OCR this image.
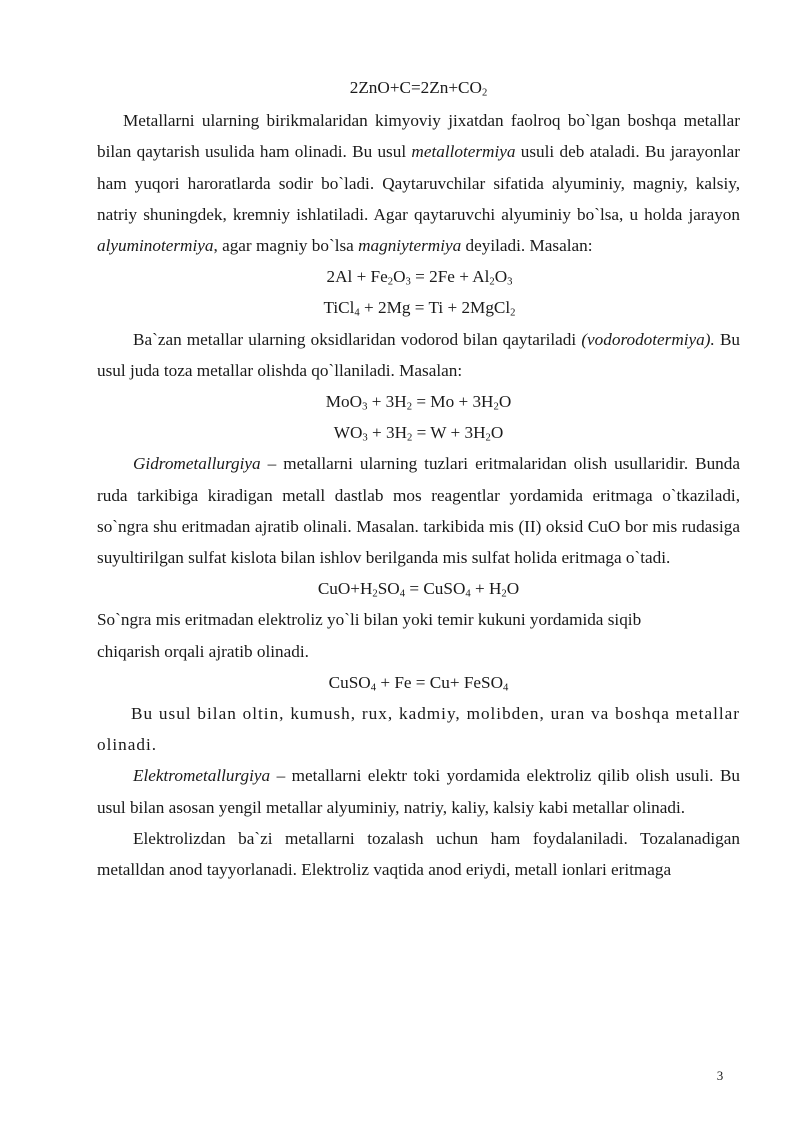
$2ZnO+C=2Zn+CO_2$

Metallarni ularning birikmalaridan kimyoviy jixatdan faolroq bo`lgan boshqa metallar bilan qaytarish usulida ham olinadi. Bu usul metallotermiya usuli deb ataladi. Bu jarayonlar ham yuqori haroratlarda sodir bo`ladi. Qaytaruvchilar sifatida alyuminiy, magniy, kalsiy, natriy shuningdek, kremniy ishlatiladi. Agar qaytaruvchi alyuminiy bo`lsa, u holda jarayon alyuminotermiya, agar magniy bo`lsa magniytermiya deyiladi. Masalan:

$2Al + Fe_2O_3 = 2Fe + Al_2O_3$

TiCl$_4$ + 2Mg = Ti + 2MgCl$_2$

Ba`zan metallar ularning oksidlaridan vodorod bilan qaytariladi (vodorodotermiya). Bu usul juda toza metallar olishda qo`llaniladi. Masalan:

$MoO_3 + 3H_2 = Mo + 3H_2O$

$WO_3 + 3H_2 = W + 3H_2O$

Gidrometallurgiya – metallarni ularning tuzlari eritmalaridan olish usullaridir. Bunda ruda tarkibiga kiradigan metall dastlab mos reagentlar yordamida eritmaga o`tkaziladi, so`ngra shu eritmadan ajratib olinali. Masalan. tarkibida mis (II) oksid CuO bor mis rudasiga suyultirilgan sulfat kislota bilan ishlov berilganda mis sulfat holida eritmaga o`tadi.

$CuO+H_2SO_4$ = CuSO$_4$ + $H_2O$

So`ngra mis eritmadan elektroliz yo`li bilan yoki temir kukuni yordamida siqib
chiqarish orqali ajratib olinadi.

CuSO$_4$ + Fe = Cu+ FeSO$_4$

Bu usul bilan oltin, kumush, rux, kadmiy, molibden, uran va boshqa metallar olinadi.

Elektrometallurgiya – metallarni elektr toki yordamida elektroliz qilib olish usuli. Bu usul bilan asosan yengil metallar alyuminiy, natriy, kaliy, kalsiy kabi metallar olinadi.

Elektrolizdan ba`zi metallarni tozalash uchun ham foydalaniladi. Tozalanadigan metalldan anod tayyorlanadi. Elektroliz vaqtida anod eriydi, metall ionlari eritmaga

3
